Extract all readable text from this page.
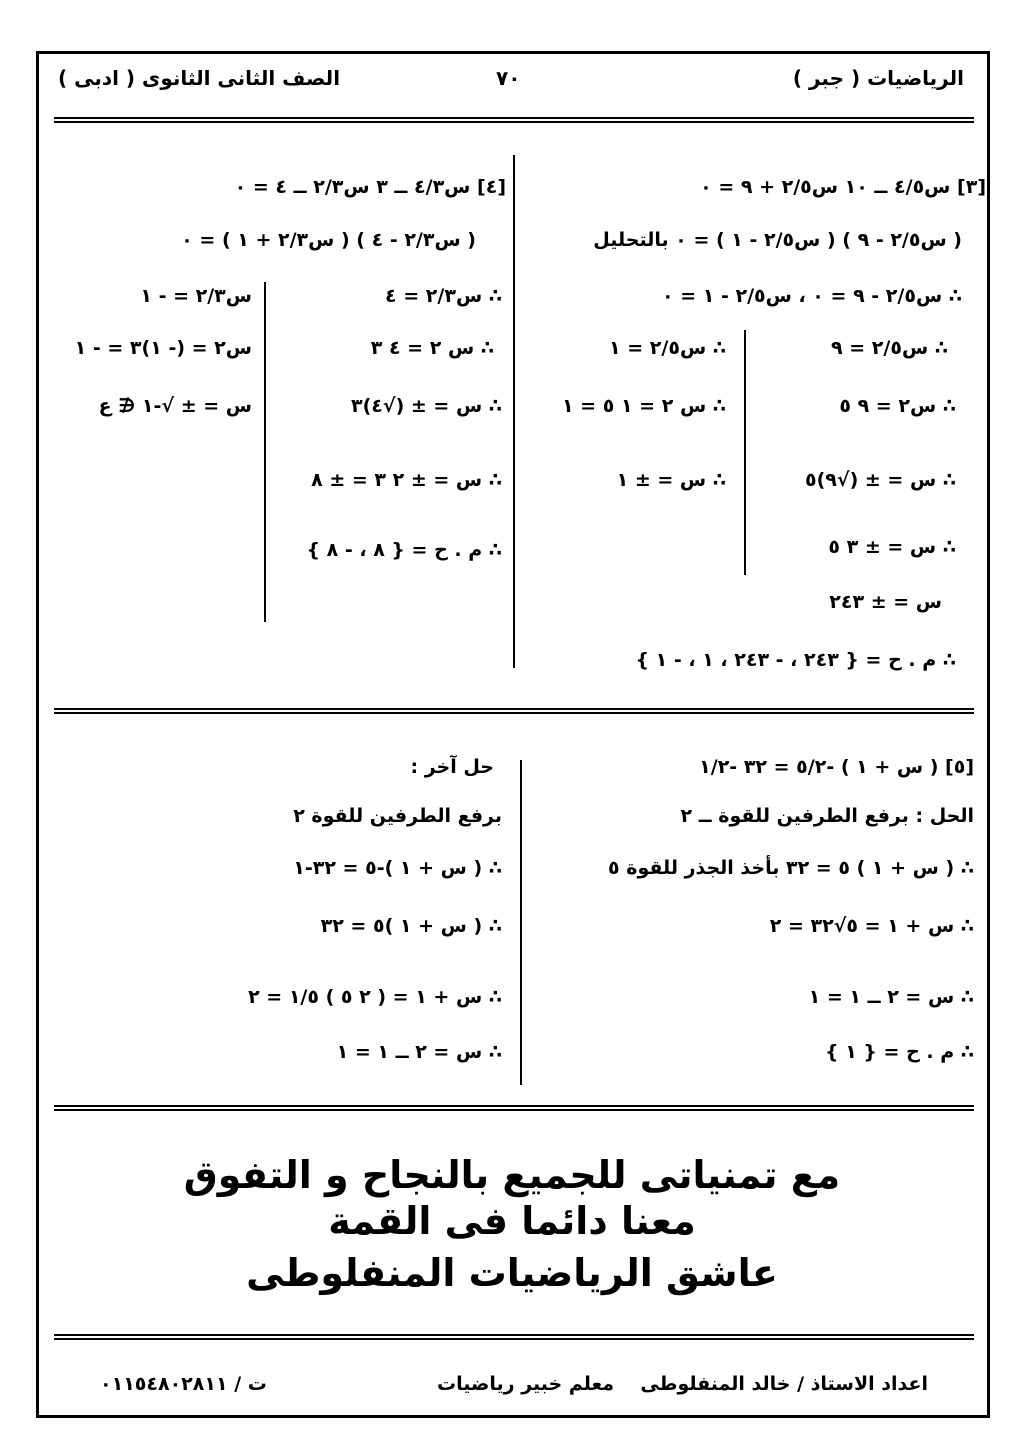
الرياضيات ( جبر )
٧٠
الصف الثانى الثانوى ( ادبى )
[٣] س٤/٥ ــ ١٠ س٢/٥ + ٩ = ٠
( س٢/٥ - ٩ ) ( س٢/٥ - ١ ) = ٠ بالتحليل
∴ س٢/٥ - ٩ = ٠ ، س٢/٥ - ١ = ٠
∴ س٢/٥ = ٩
∴ س٢ = ٩ ٥
∴ س = ± (√٩)٥
∴ س = ± ٣ ٥
س = ± ٢٤٣
∴ س٢/٥ = ١
∴ س ٢ = ١ ٥ = ١
∴ س = ± ١
∴ م . ح = { ٢٤٣ ، - ٢٤٣ ، ١ ، - ١ }
[٤] س٤/٣ ــ ٣ س٢/٣ ــ ٤ = ٠
( س٢/٣ - ٤ ) ( س٢/٣ + ١ ) = ٠
∴ س٢/٣ = ٤
∴ س ٢ = ٤ ٣
∴ س = ± (√٤)٣
∴ س = ± ٢ ٣ = ± ٨
∴ م . ح = { ٨ ، - ٨ }
س٢/٣ = - ١
س٢ = (- ١)٣ = - ١
س = ± √-١ ∉ ع
[٥] ( س + ١ ) -٥/٢ = ٣٢ -١/٢
الحل : برفع الطرفين للقوة ــ ٢
∴ ( س + ١ ) ٥ = ٣٢ بأخذ الجذر للقوة ٥
∴ س + ١ = ٥√٣٢ = ٢
∴ س = ٢ ــ ١ = ١
∴ م . ح = { ١ }
حل آخر :
برفع الطرفين للقوة ٢
∴ ( س + ١ )-٥ = ٣٢-١
∴ ( س + ١ )٥ = ٣٢
∴ س + ١ = ( ٢ ٥ ) ١/٥ = ٢
∴ س = ٢ ــ ١ = ١
مع تمنياتى للجميع بالنجاح و التفوق
معنا دائما فى القمة
عاشق الرياضيات المنفلوطى
اعداد الاستاذ / خالد المنفلوطى
معلم خبير رياضيات
ت / ٠١١٥٤٨٠٢٨١١
